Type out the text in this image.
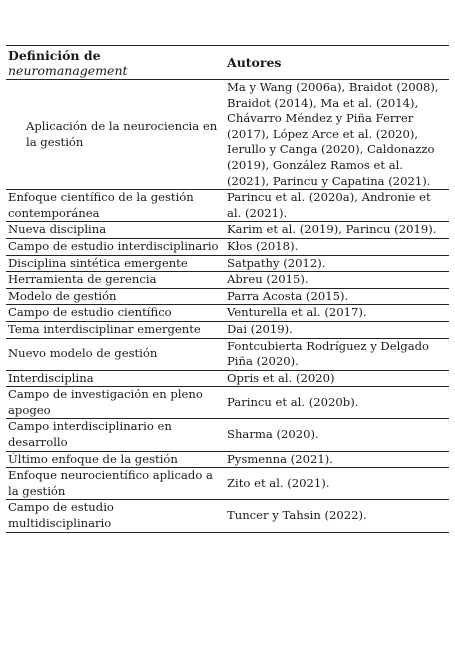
Definición de
neuromanagement	Autores
Aplicación de la neurociencia en la gestión	Ma y Wang (2006a), Braidot (2008), Braidot (2014), Ma et al. (2014), Chávarro Méndez y Piña Ferrer (2017), López Arce et al. (2020), Ierullo y Canga (2020), Caldonazzo (2019), González Ramos et al. (2021), Parincu y Capatina (2021).
Enfoque científico de la gestión contemporánea	Parincu et al. (2020a), Andronie et al. (2021).
Nueva disciplina	Karim et al. (2019), Parincu (2019).
Campo de estudio interdisciplinario	Kłos (2018).
Disciplina sintética emergente	Satpathy (2012).
Herramienta de gerencia	Abreu (2015).
Modelo de gestión	Parra Acosta (2015).
Campo de estudio científico	Venturella et al. (2017).
Tema interdisciplinar emergente	Dai (2019).
Nuevo modelo de gestión	Fontcubierta Rodríguez y Delgado Piña (2020).
Interdisciplina	Opris et al. (2020)
Campo de investigación en pleno apogeo	Parincu et al. (2020b).
Campo interdisciplinario en desarrollo	Sharma (2020).
Último enfoque de la gestión	Pysmenna (2021).
Enfoque neurocientífico aplicado a la gestión	Zito et al. (2021).
Campo de estudio multidisciplinario	Tuncer y Tahsin (2022).
